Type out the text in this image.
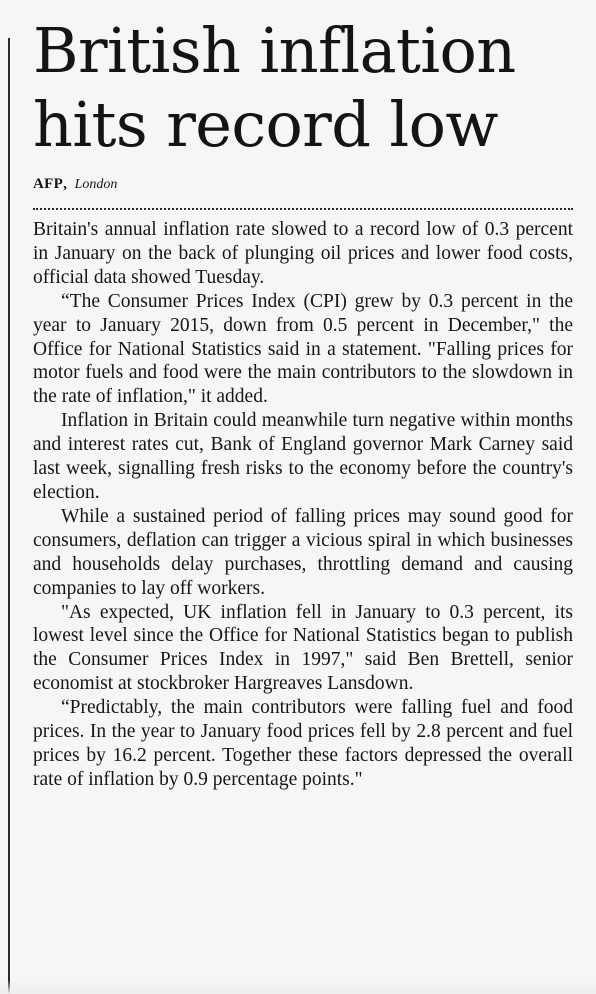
British inflation
hits record low
AFP, London

Britain's annual inflation rate slowed to a record low of 0.3 percent in January on the back of plunging oil prices and lower food costs, official data showed Tuesday.

“The Consumer Prices Index (CPI) grew by 0.3 percent in the year to January 2015, down from 0.5 percent in December," the Office for National Statistics said in a statement. "Falling prices for motor fuels and food were the main contributors to the slowdown in the rate of inflation," it added.

Inflation in Britain could meanwhile turn negative within months and interest rates cut, Bank of England governor Mark Carney said last week, signalling fresh risks to the economy before the country's election.

While a sustained period of falling prices may sound good for consumers, deflation can trigger a vicious spiral in which businesses and households delay purchases, throttling demand and causing companies to lay off workers.

"As expected, UK inflation fell in January to 0.3 percent, its lowest level since the Office for National Statistics began to publish the Consumer Prices Index in 1997," said Ben Brettell, senior economist at stockbroker Hargreaves Lansdown.

“Predictably, the main contributors were falling fuel and food prices. In the year to January food prices fell by 2.8 percent and fuel prices by 16.2 percent. Together these factors depressed the overall rate of inflation by 0.9 percentage points."
